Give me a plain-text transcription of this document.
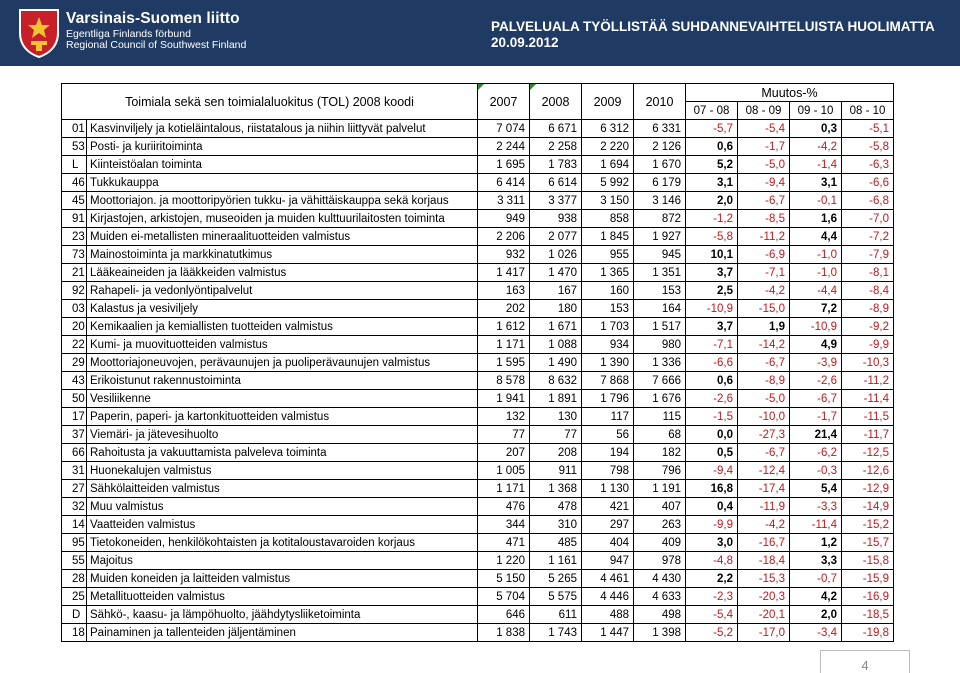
Varsinais-Suomen liitto
Egentliga Finlands förbund
Regional Council of Southwest Finland
PALVELUALA TYÖLLISTÄÄ SUHDANNEVAIHTELUISTA HUOLIMATTA
20.09.2012
Toimiala sekä sen toimialaluokitus (TOL) 2008 koodi		2007	2008	2009	2010	Muutos-%			
						07 - 08	08 - 09	09 - 10	08 - 10
01	Kasvinviljely ja kotieläintalous, riistatalous ja niihin liittyvät palvelut	7 074	6 671	6 312	6 331	-5,7	-5,4	0,3	-5,1
53	Posti- ja kuriiritoiminta	2 244	2 258	2 220	2 126	0,6	-1,7	-4,2	-5,8
L	Kiinteistöalan toiminta	1 695	1 783	1 694	1 670	5,2	-5,0	-1,4	-6,3
46	Tukkukauppa	6 414	6 614	5 992	6 179	3,1	-9,4	3,1	-6,6
45	Moottoriajon. ja moottoripyörien tukku- ja vähittäiskauppa sekä korjaus	3 311	3 377	3 150	3 146	2,0	-6,7	-0,1	-6,8
91	Kirjastojen, arkistojen, museoiden ja muiden kulttuurilaitosten toiminta	949	938	858	872	-1,2	-8,5	1,6	-7,0
23	Muiden ei-metallisten mineraalituotteiden valmistus	2 206	2 077	1 845	1 927	-5,8	-11,2	4,4	-7,2
73	Mainostoiminta ja markkinatutkimus	932	1 026	955	945	10,1	-6,9	-1,0	-7,9
21	Lääkeaineiden ja lääkkeiden valmistus	1 417	1 470	1 365	1 351	3,7	-7,1	-1,0	-8,1
92	Rahapeli- ja vedonlyöntipalvelut	163	167	160	153	2,5	-4,2	-4,4	-8,4
03	Kalastus ja vesiviljely	202	180	153	164	-10,9	-15,0	7,2	-8,9
20	Kemikaalien ja kemiallisten tuotteiden valmistus	1 612	1 671	1 703	1 517	3,7	1,9	-10,9	-9,2
22	Kumi- ja muovituotteiden valmistus	1 171	1 088	934	980	-7,1	-14,2	4,9	-9,9
29	Moottoriajoneuvojen, perävaunujen ja puoliperävaunujen valmistus	1 595	1 490	1 390	1 336	-6,6	-6,7	-3,9	-10,3
43	Erikoistunut rakennustoiminta	8 578	8 632	7 868	7 666	0,6	-8,9	-2,6	-11,2
50	Vesiliikenne	1 941	1 891	1 796	1 676	-2,6	-5,0	-6,7	-11,4
17	Paperin, paperi- ja kartonkituotteiden valmistus	132	130	117	115	-1,5	-10,0	-1,7	-11,5
37	Viemäri- ja jätevesihuolto	77	77	56	68	0,0	-27,3	21,4	-11,7
66	Rahoitusta ja vakuuttamista palveleva toiminta	207	208	194	182	0,5	-6,7	-6,2	-12,5
31	Huonekalujen valmistus	1 005	911	798	796	-9,4	-12,4	-0,3	-12,6
27	Sähkölaitteiden valmistus	1 171	1 368	1 130	1 191	16,8	-17,4	5,4	-12,9
32	Muu valmistus	476	478	421	407	0,4	-11,9	-3,3	-14,9
14	Vaatteiden valmistus	344	310	297	263	-9,9	-4,2	-11,4	-15,2
95	Tietokoneiden, henkilökohtaisten ja kotitaloustavaroiden korjaus	471	485	404	409	3,0	-16,7	1,2	-15,7
55	Majoitus	1 220	1 161	947	978	-4,8	-18,4	3,3	-15,8
28	Muiden koneiden ja laitteiden valmistus	5 150	5 265	4 461	4 430	2,2	-15,3	-0,7	-15,9
25	Metallituotteiden valmistus	5 704	5 575	4 446	4 633	-2,3	-20,3	4,2	-16,9
D	Sähkö-, kaasu- ja lämpöhuolto, jäähdytysliiketoiminta	646	611	488	498	-5,4	-20,1	2,0	-18,5
18	Painaminen ja tallenteiden jäljentäminen	1 838	1 743	1 447	1 398	-5,2	-17,0	-3,4	-19,8
4
